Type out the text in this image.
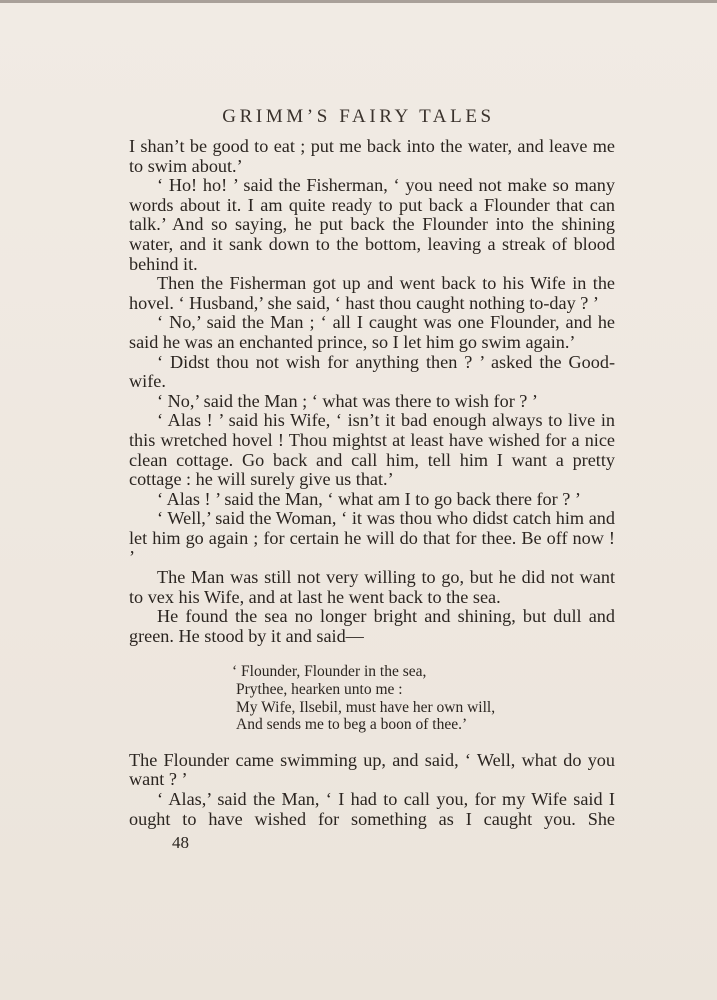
GRIMM’S FAIRY TALES

I shan’t be good to eat ; put me back into the water, and leave me to swim about.’

‘ Ho! ho! ’ said the Fisherman, ‘ you need not make so many words about it. I am quite ready to put back a Flounder that can talk.’ And so saying, he put back the Flounder into the shining water, and it sank down to the bottom, leaving a streak of blood behind it.

Then the Fisherman got up and went back to his Wife in the hovel. ‘ Husband,’ she said, ‘ hast thou caught nothing to-day ? ’

‘ No,’ said the Man ; ‘ all I caught was one Flounder, and he said he was an enchanted prince, so I let him go swim again.’

‘ Didst thou not wish for anything then ? ’ asked the Good-wife.

‘ No,’ said the Man ; ‘ what was there to wish for ? ’

‘ Alas ! ’ said his Wife, ‘ isn’t it bad enough always to live in this wretched hovel ! Thou mightst at least have wished for a nice clean cottage. Go back and call him, tell him I want a pretty cottage : he will surely give us that.’

‘ Alas ! ’ said the Man, ‘ what am I to go back there for ? ’

‘ Well,’ said the Woman, ‘ it was thou who didst catch him and let him go again ; for certain he will do that for thee. Be off now ! ’

The Man was still not very willing to go, but he did not want to vex his Wife, and at last he went back to the sea.

He found the sea no longer bright and shining, but dull and green. He stood by it and said—

‘ Flounder, Flounder in the sea,
Prythee, hearken unto me :
My Wife, Ilsebil, must have her own will,
And sends me to beg a boon of thee.’

The Flounder came swimming up, and said, ‘ Well, what do you want ? ’

‘ Alas,’ said the Man, ‘ I had to call you, for my Wife said I ought to have wished for something as I caught you. She

48
